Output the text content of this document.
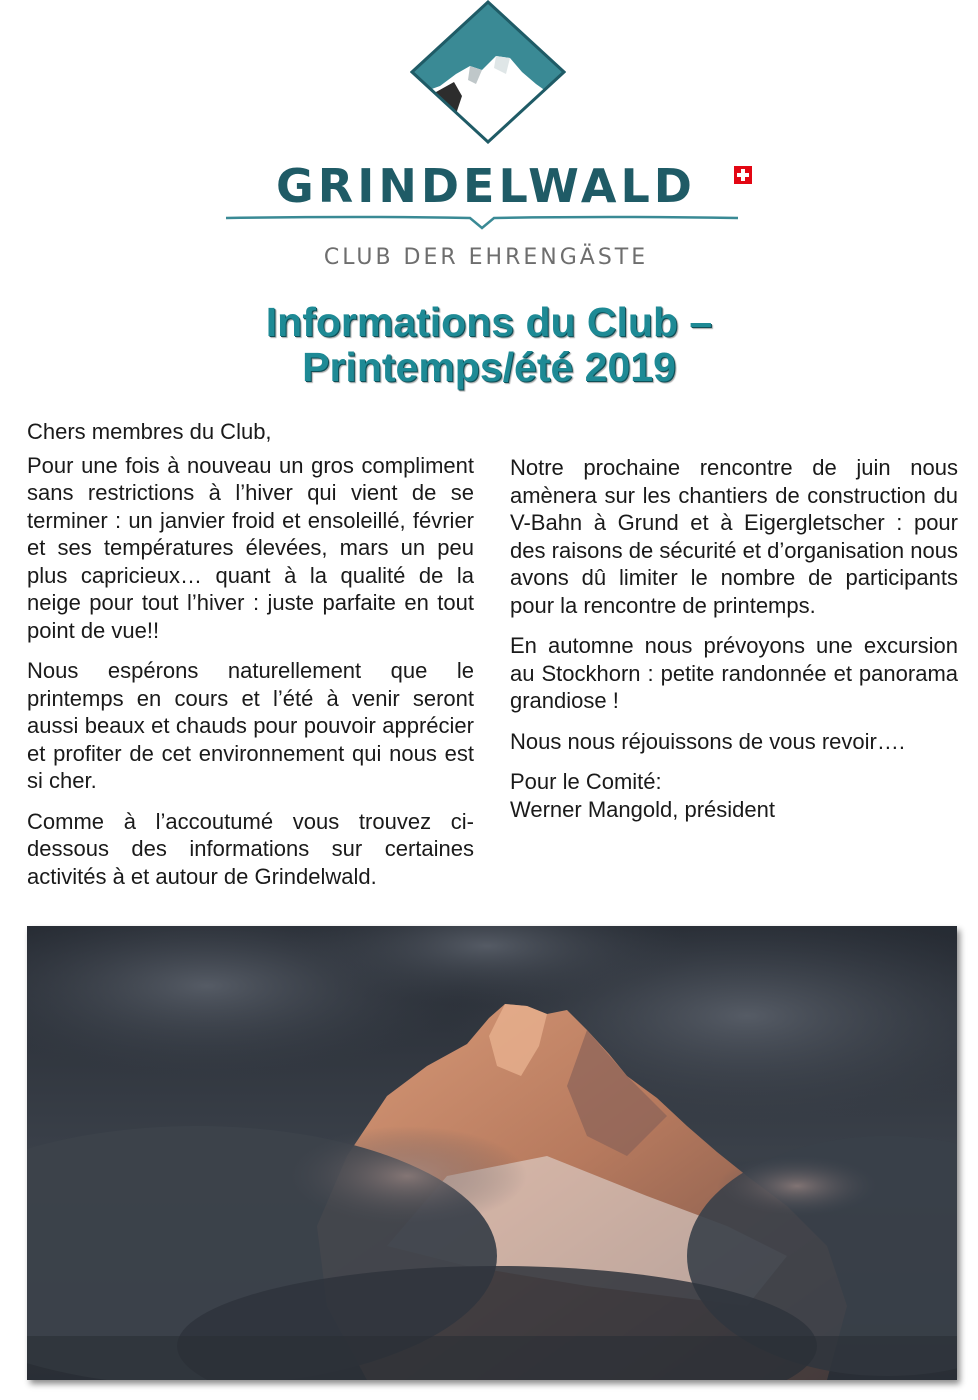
GRINDELWALD
CLUB DER EHRENGÄSTE
Informations du Club –
Printemps/été 2019

Chers membres du Club,

Pour une fois à nouveau un gros compliment sans restrictions à l’hiver qui vient de se terminer : un janvier froid et ensoleillé, février et ses températures élevées, mars un peu plus capricieux… quant à la qualité de la neige pour tout l’hiver : juste parfaite en tout point de vue!!

Nous espérons naturellement que le printemps en cours et l’été à venir seront aussi beaux et chauds pour pouvoir apprécier et profiter de cet environnement qui nous est si cher.

Comme à l’accoutumé vous trouvez ci-dessous des informations sur certaines activités à et autour de Grindelwald.

Notre prochaine rencontre de juin nous amènera sur les chantiers de construction du V-Bahn à Grund et à Eigergletscher : pour des raisons de sécurité et d’organisation nous avons dû limiter le nombre de participants pour la rencontre de printemps.

En automne nous prévoyons une excursion au Stockhorn : petite randonnée et panorama grandiose !

Nous nous réjouissons de vous revoir….

Pour le Comité:
Werner Mangold, président
